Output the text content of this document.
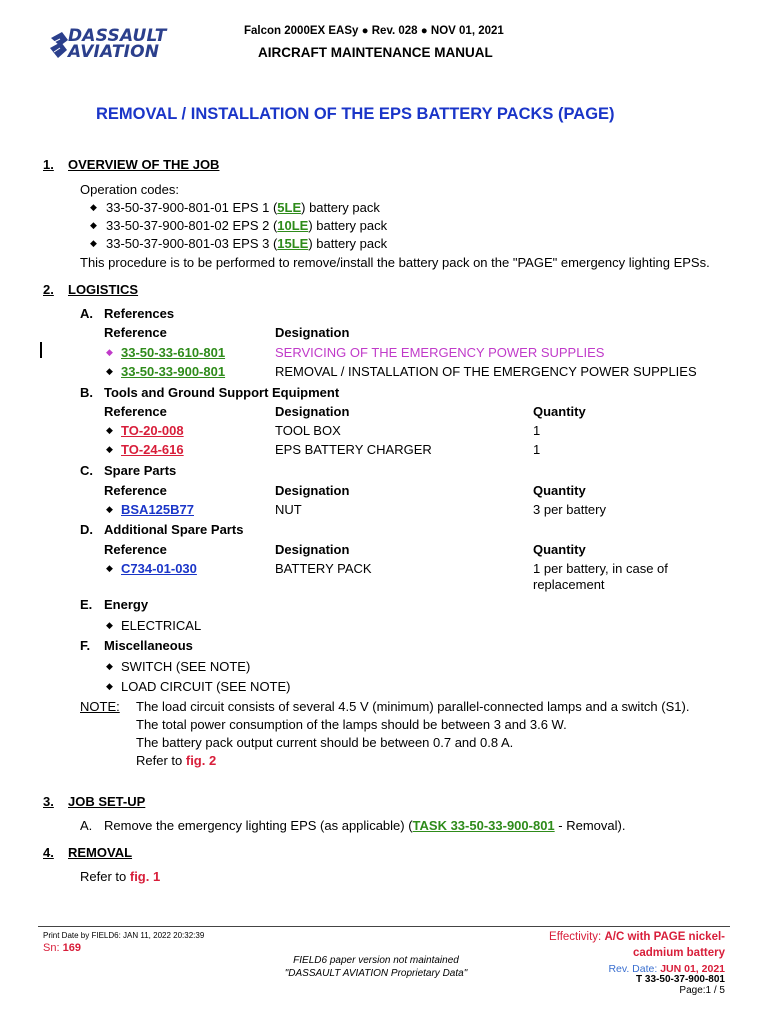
DASSAULT
AVIATION
Falcon 2000EX EASy ● Rev. 028 ● NOV 01, 2021
AIRCRAFT MAINTENANCE MANUAL
REMOVAL / INSTALLATION OF THE EPS BATTERY PACKS (PAGE)
1. OVERVIEW OF THE JOB
Operation codes:
◆ 33-50-37-900-801-01 EPS 1 (5LE) battery pack
◆ 33-50-37-900-801-02 EPS 2 (10LE) battery pack
◆ 33-50-37-900-801-03 EPS 3 (15LE) battery pack
This procedure is to be performed to remove/install the battery pack on the "PAGE" emergency lighting EPSs.
2. LOGISTICS
A. References
Reference	Designation
◆ 33-50-33-610-801	SERVICING OF THE EMERGENCY POWER SUPPLIES
◆ 33-50-33-900-801	REMOVAL / INSTALLATION OF THE EMERGENCY POWER SUPPLIES
B. Tools and Ground Support Equipment
Reference	Designation	Quantity
◆ TO-20-008	TOOL BOX	1
◆ TO-24-616	EPS BATTERY CHARGER	1
C. Spare Parts
Reference	Designation	Quantity
◆ BSA125B77	NUT	3 per battery
D. Additional Spare Parts
Reference	Designation	Quantity
◆ C734-01-030	BATTERY PACK	1 per battery, in case of
replacement
E. Energy
◆ ELECTRICAL
F. Miscellaneous
◆ SWITCH (SEE NOTE)
◆ LOAD CIRCUIT (SEE NOTE)
NOTE: The load circuit consists of several 4.5 V (minimum) parallel-connected lamps and a switch (S1).
The total power consumption of the lamps should be between 3 and 3.6 W.
The battery pack output current should be between 0.7 and 0.8 A.
Refer to fig. 2
3. JOB SET-UP
A. Remove the emergency lighting EPS (as applicable) (TASK 33-50-33-900-801 - Removal).
4. REMOVAL
Refer to fig. 1
Print Date by FIELD6: JAN 11, 2022 20:32:39
Sn: 169
FIELD6 paper version not maintained
"DASSAULT AVIATION Proprietary Data"
Effectivity: A/C with PAGE nickel-
cadmium battery
Rev. Date: JUN 01, 2021
T 33-50-37-900-801
Page:1 / 5
